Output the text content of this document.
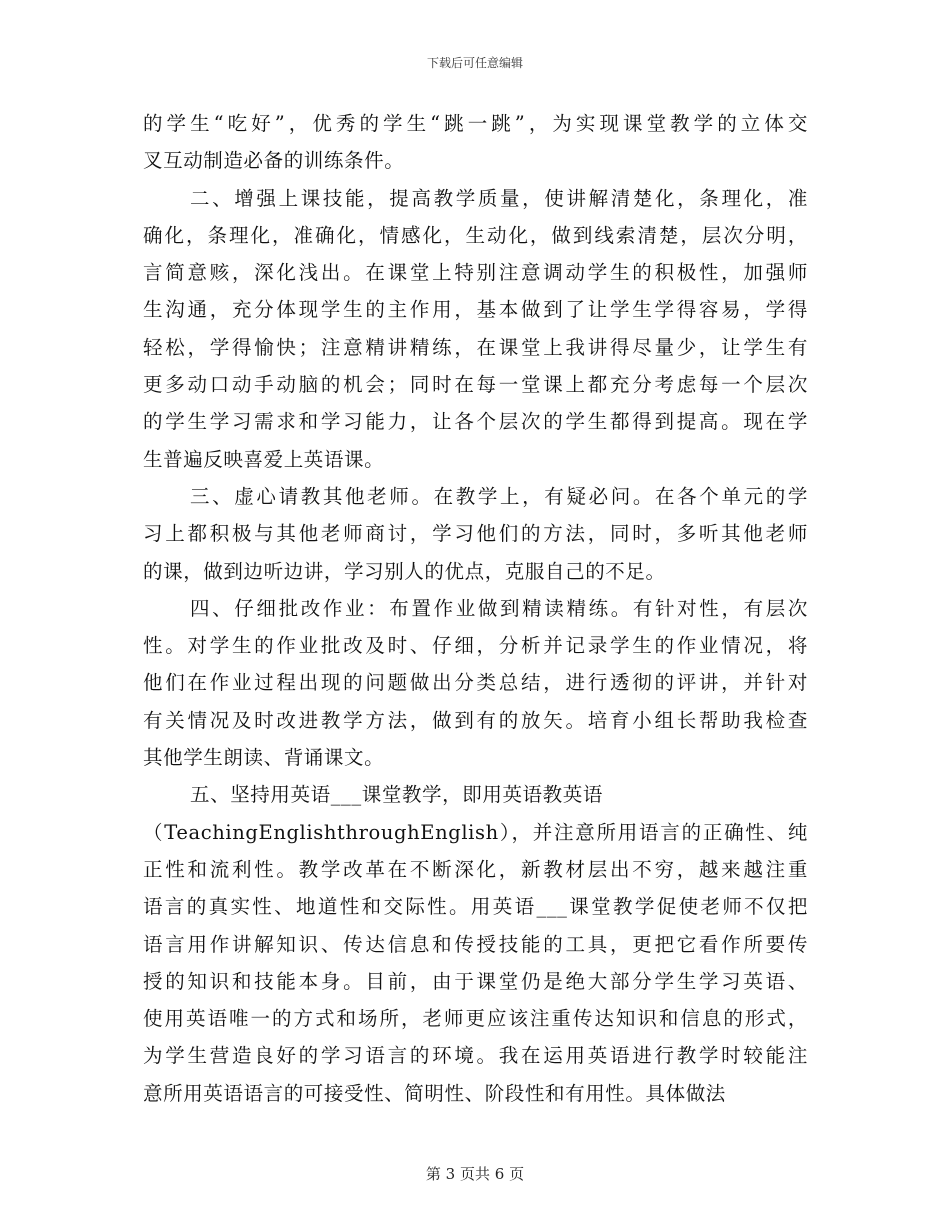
下载后可任意编辑
的学生“吃好”，优秀的学生“跳一跳”，为实现课堂教学的立体交
叉互动制造必备的训练条件。
二、增强上课技能，提高教学质量，使讲解清楚化，条理化，准
确化，条理化，准确化，情感化，生动化，做到线索清楚，层次分明，
言简意赅，深化浅出。在课堂上特别注意调动学生的积极性，加强师
生沟通，充分体现学生的主作用，基本做到了让学生学得容易，学得
轻松，学得愉快；注意精讲精练，在课堂上我讲得尽量少，让学生有
更多动口动手动脑的机会；同时在每一堂课上都充分考虑每一个层次
的学生学习需求和学习能力，让各个层次的学生都得到提高。现在学
生普遍反映喜爱上英语课。
三、虚心请教其他老师。在教学上，有疑必问。在各个单元的学
习上都积极与其他老师商讨，学习他们的方法，同时，多听其他老师
的课，做到边听边讲，学习别人的优点，克服自己的不足。
四、仔细批改作业：布置作业做到精读精练。有针对性，有层次
性。对学生的作业批改及时、仔细，分析并记录学生的作业情况，将
他们在作业过程出现的问题做出分类总结，进行透彻的评讲，并针对
有关情况及时改进教学方法，做到有的放矢。培育小组长帮助我检查
其他学生朗读、背诵课文。
五、坚持用英语___课堂教学，即用英语教英语
（TeachingEnglishthroughEnglish），并注意所用语言的正确性、纯
正性和流利性。教学改革在不断深化，新教材层出不穷，越来越注重
语言的真实性、地道性和交际性。用英语___课堂教学促使老师不仅把
语言用作讲解知识、传达信息和传授技能的工具，更把它看作所要传
授的知识和技能本身。目前，由于课堂仍是绝大部分学生学习英语、
使用英语唯一的方式和场所，老师更应该注重传达知识和信息的形式，
为学生营造良好的学习语言的环境。我在运用英语进行教学时较能注
意所用英语语言的可接受性、简明性、阶段性和有用性。具体做法
第 3 页共 6 页
